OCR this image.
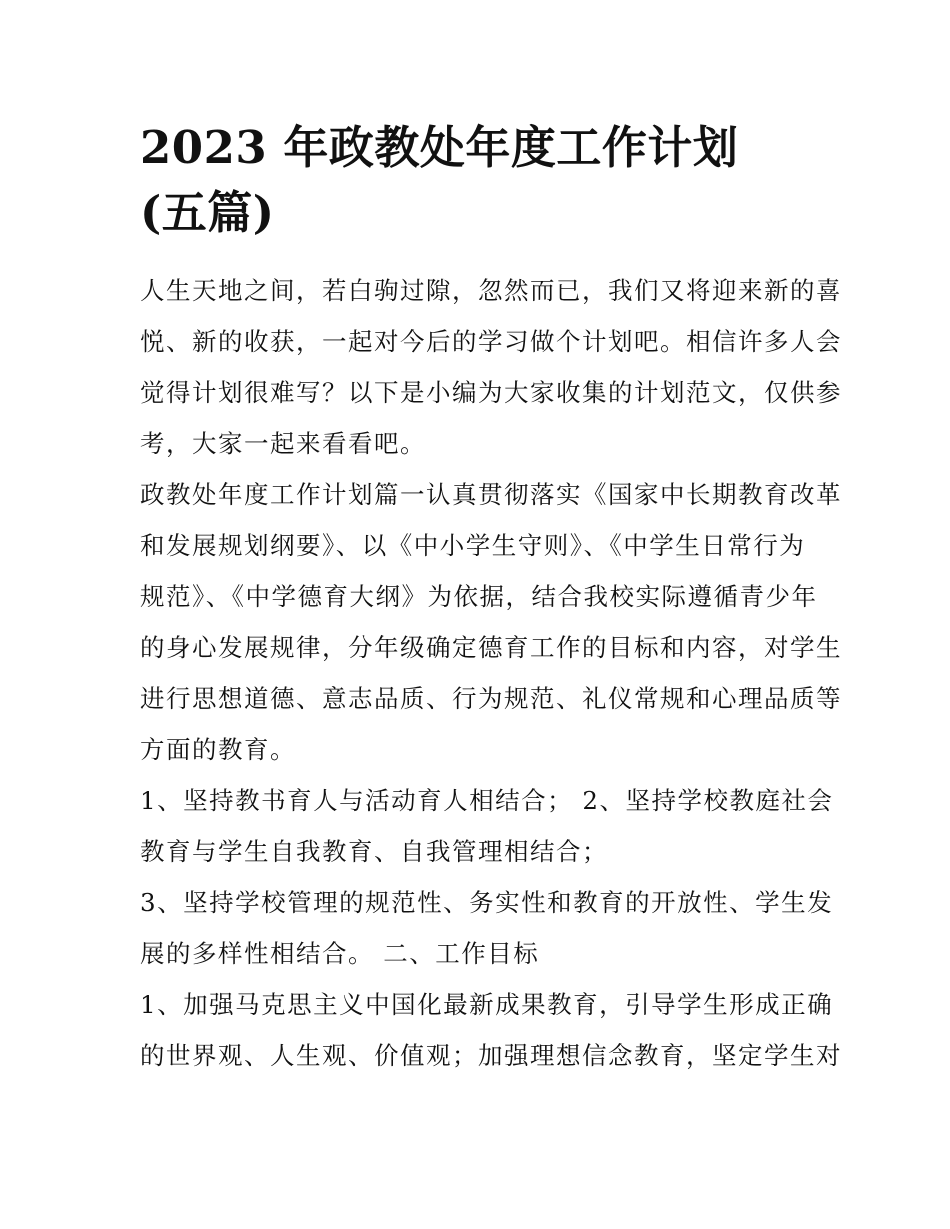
2023 年政教处年度工作计划
(五篇)
人生天地之间，若白驹过隙，忽然而已，我们又将迎来新的喜
悦、新的收获，一起对今后的学习做个计划吧。相信许多人会
觉得计划很难写？以下是小编为大家收集的计划范文，仅供参
考，大家一起来看看吧。
政教处年度工作计划篇一认真贯彻落实《国家中长期教育改革
和发展规划纲要》、以《中小学生守则》、《中学生日常行为
规范》、《中学德育大纲》为依据，结合我校实际遵循青少年
的身心发展规律，分年级确定德育工作的目标和内容，对学生
进行思想道德、意志品质、行为规范、礼仪常规和心理品质等
方面的教育。
1、坚持教书育人与活动育人相结合； 2、坚持学校教庭社会
教育与学生自我教育、自我管理相结合；
3、坚持学校管理的规范性、务实性和教育的开放性、学生发
展的多样性相结合。 二、工作目标
1、加强马克思主义中国化最新成果教育，引导学生形成正确
的世界观、人生观、价值观；加强理想信念教育，坚定学生对
